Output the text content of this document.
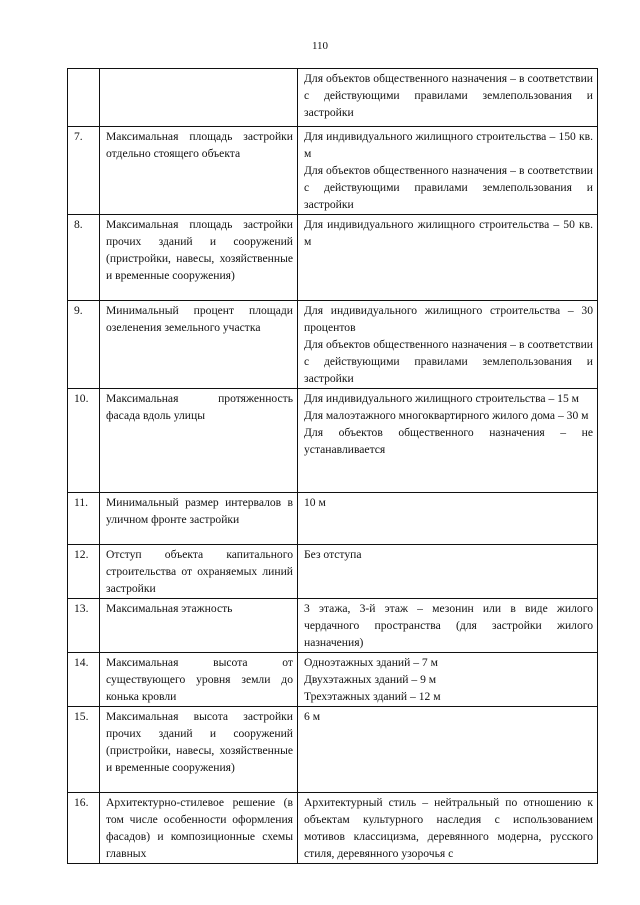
110

		Для объектов общественного назначения – в соответствии с действующими правилами землепользования и застройки

7.	Максимальная площадь застройки отдельно стоящего объекта	Для индивидуального жилищного строительства – 150 кв. м

Для объектов общественного назначения – в соответствии с действующими правилами землепользования и застройки

8.	Максимальная площадь застройки прочих зданий и сооружений (пристройки, навесы, хозяйственные и временные сооружения)	Для индивидуального жилищного строительства – 50 кв. м

9.	Минимальный процент площади озеленения земельного участка	Для индивидуального жилищного строительства – 30 процентов

Для объектов общественного назначения – в соответствии с действующими правилами землепользования и застройки

10.	Максимальная протяженность фасада вдоль улицы	Для индивидуального жилищного строительства – 15 м

Для малоэтажного многоквартирного жилого дома – 30 м

Для объектов общественного назначения – не устанавливается

11.	Минимальный размер интервалов в уличном фронте застройки	10 м

12.	Отступ объекта капитального строительства от охраняемых линий застройки	Без отступа

13.	Максимальная этажность	3 этажа, 3-й этаж – мезонин или в виде жилого чердачного пространства (для застройки жилого назначения)

14.	Максимальная высота от существующего уровня земли до конька кровли	Одноэтажных зданий – 7 м

Двухэтажных зданий – 9 м

Трехэтажных зданий – 12 м

15.	Максимальная высота застройки прочих зданий и сооружений (пристройки, навесы, хозяйственные и временные сооружения)	6 м

16.	Архитектурно-стилевое решение (в том числе особенности оформления фасадов) и композиционные схемы главных	Архитектурный стиль – нейтральный по отношению к объектам культурного наследия с использованием мотивов классицизма, деревянного модерна, русского стиля, деревянного узорочья с
